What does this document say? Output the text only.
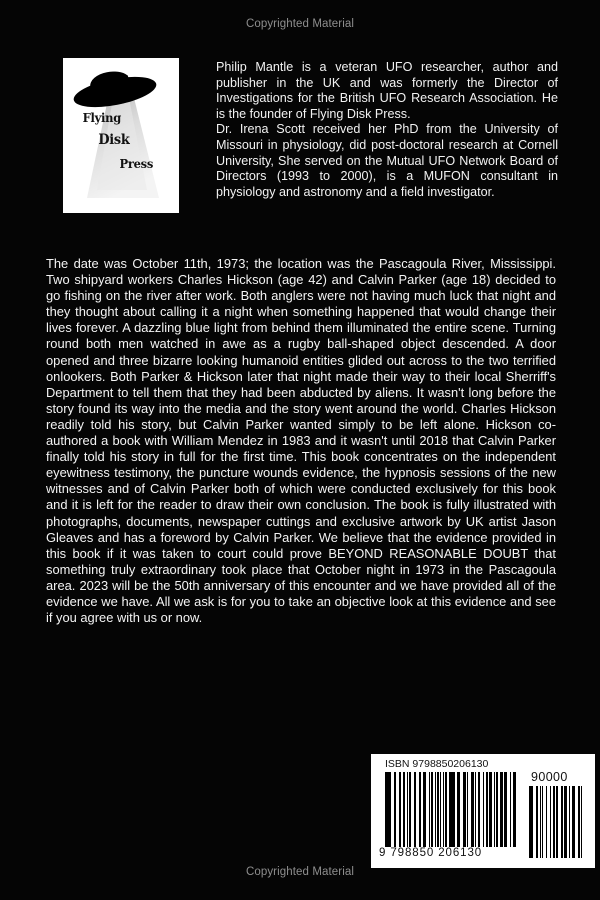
Copyrighted Material
Flying
Disk
Press

Philip Mantle is a veteran UFO researcher, author and publisher in the UK and was formerly the Director of Investigations for the British UFO Research Association. He is the founder of Flying Disk Press.

Dr. Irena Scott received her PhD from the University of Missouri in physiology, did post-doctoral research at Cornell University, She served on the Mutual UFO Network Board of Directors (1993 to 2000), is a MUFON consultant in physiology and astronomy and a field investigator.

The date was October 11th, 1973; the location was the Pascagoula River, Mississippi. Two shipyard workers Charles Hickson (age 42) and Calvin Parker (age 18) decided to go fishing on the river after work. Both anglers were not having much luck that night and they thought about calling it a night when something happened that would change their lives forever. A dazzling blue light from behind them illuminated the entire scene. Turning round both men watched in awe as a rugby ball-shaped object descended. A door opened and three bizarre looking humanoid entities glided out across to the two terrified onlookers. Both Parker & Hickson later that night made their way to their local Sherriff's Department to tell them that they had been abducted by aliens. It wasn't long before the story found its way into the media and the story went around the world. Charles Hickson readily told his story, but Calvin Parker wanted simply to be left alone. Hickson co-authored a book with William Mendez in 1983 and it wasn't until 2018 that Calvin Parker finally told his story in full for the first time. This book concentrates on the independent eyewitness testimony, the puncture wounds evidence, the hypnosis sessions of the new witnesses and of Calvin Parker both of which were conducted exclusively for this book and it is left for the reader to draw their own conclusion. The book is fully illustrated with photographs, documents, newspaper cuttings and exclusive artwork by UK artist Jason Gleaves and has a foreword by Calvin Parker. We believe that the evidence provided in this book if it was taken to court could prove BEYOND REASONABLE DOUBT that something truly extraordinary took place that October night in 1973 in the Pascagoula area. 2023 will be the 50th anniversary of this encounter and we have provided all of the evidence we have. All we ask is for you to take an objective look at this evidence and see if you agree with us or now.

ISBN 9798850206130
9 798850 206130
90000
Copyrighted Material
